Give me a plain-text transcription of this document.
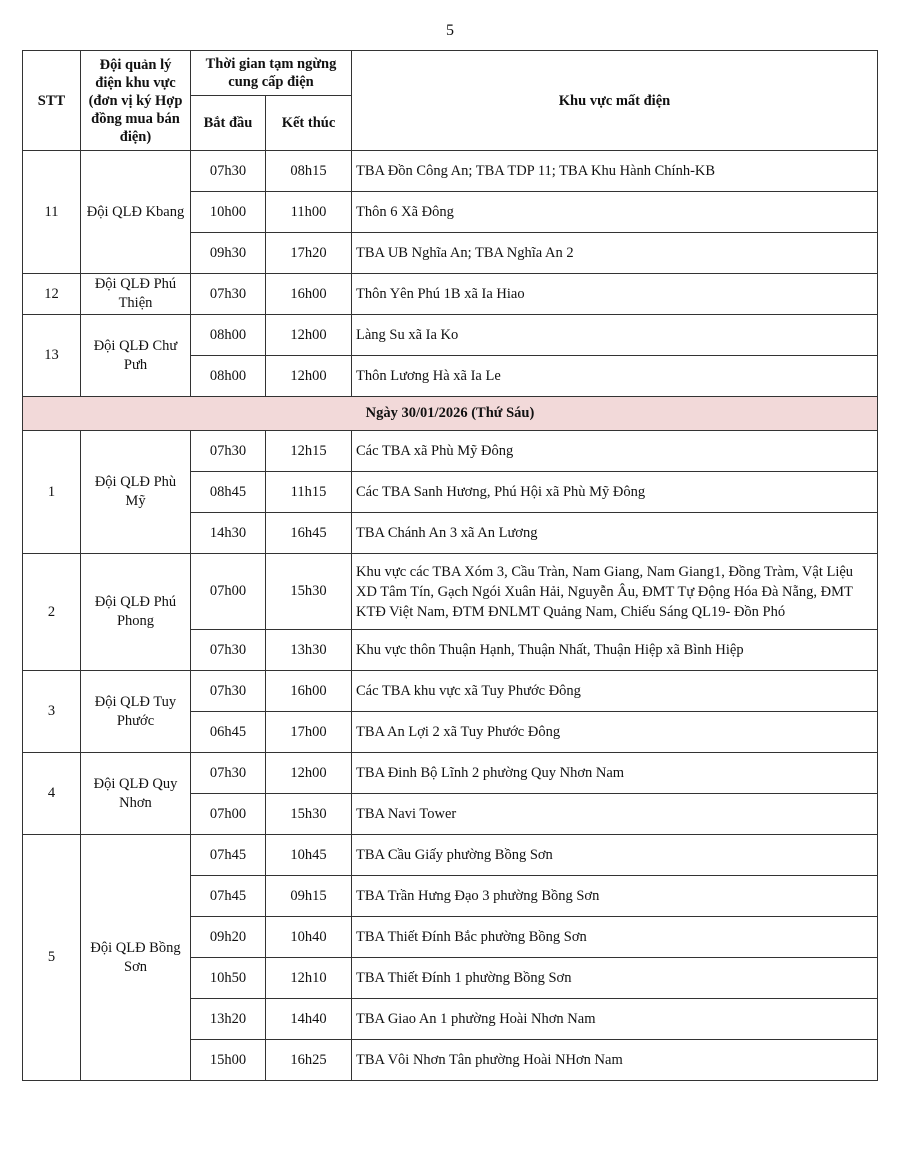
5
STT	Đội quản lý điện khu vực (đơn vị ký Hợp đồng mua bán điện)	Thời gian tạm ngừng cung cấp điện		Khu vực mất điện
		Bắt đầu	Kết thúc	
11	Đội QLĐ Kbang	07h30	08h15	TBA Đồn Công An; TBA TDP 11; TBA Khu Hành Chính-KB
		10h00	11h00	Thôn 6 Xã Đông
		09h30	17h20	TBA UB Nghĩa An; TBA Nghĩa An 2
12	Đội QLĐ Phú Thiện	07h30	16h00	Thôn Yên Phú 1B xã Ia Hiao
13	Đội QLĐ Chư Pưh	08h00	12h00	Làng Su xã Ia Ko
		08h00	12h00	Thôn Lương Hà xã Ia Le
Ngày 30/01/2026 (Thứ Sáu)				
1	Đội QLĐ Phù Mỹ	07h30	12h15	Các TBA xã Phù Mỹ Đông
		08h45	11h15	Các TBA Sanh Hương, Phú Hội xã Phù Mỹ Đông
		14h30	16h45	TBA Chánh An 3 xã An Lương
2	Đội QLĐ Phú Phong	07h00	15h30	Khu vực các TBA Xóm 3, Cầu Tràn, Nam Giang, Nam Giang1, Đồng Tràm, Vật Liệu XD Tâm Tín, Gạch Ngói Xuân Hải, Nguyễn Âu, ĐMT Tự Động Hóa Đà Nẵng, ĐMT KTĐ Việt Nam, ĐTM ĐNLMT Quảng Nam, Chiếu Sáng QL19- Đồn Phó
		07h30	13h30	Khu vực thôn Thuận Hạnh, Thuận Nhất, Thuận Hiệp xã Bình Hiệp
3	Đội QLĐ Tuy Phước	07h30	16h00	Các TBA khu vực xã Tuy Phước Đông
		06h45	17h00	TBA An Lợi 2 xã Tuy Phước Đông
4	Đội QLĐ Quy Nhơn	07h30	12h00	TBA Đinh Bộ Lĩnh 2 phường Quy Nhơn Nam
		07h00	15h30	TBA Navi Tower
5	Đội QLĐ Bồng Sơn	07h45	10h45	TBA Cầu Giấy phường Bồng Sơn
		07h45	09h15	TBA Trần Hưng Đạo 3 phường Bồng Sơn
		09h20	10h40	TBA Thiết Đính Bắc phường Bồng Sơn
		10h50	12h10	TBA Thiết Đính 1 phường Bồng Sơn
		13h20	14h40	TBA Giao An 1 phường Hoài Nhơn Nam
		15h00	16h25	TBA Vôi Nhơn Tân phường Hoài NHơn Nam
